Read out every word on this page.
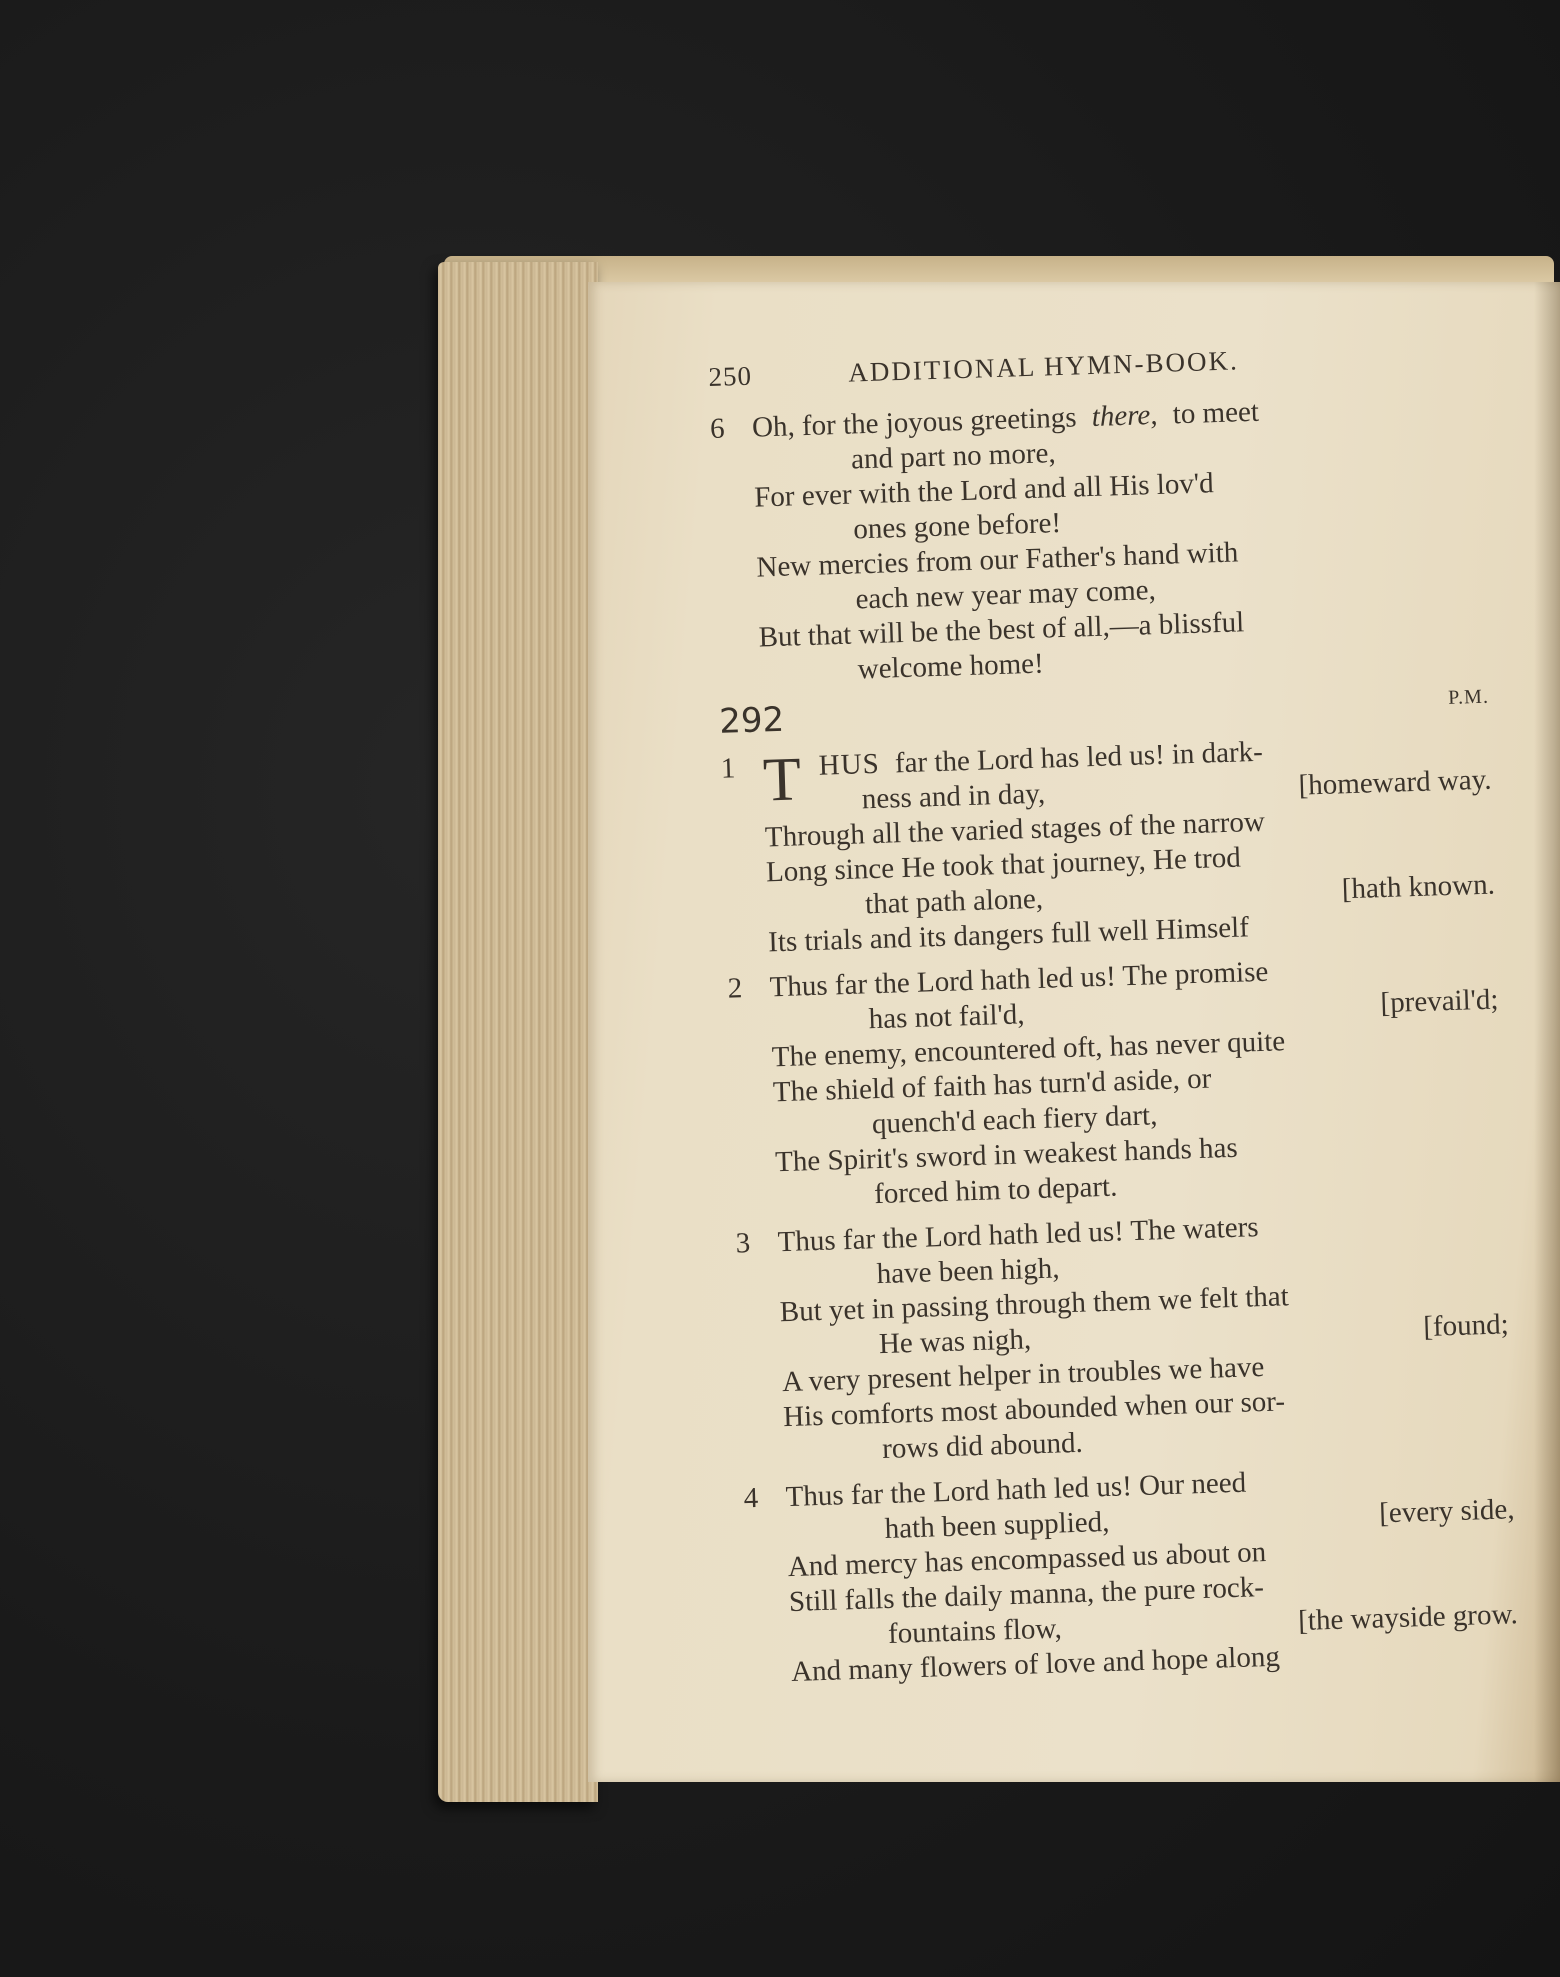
250	ADDITIONAL HYMN-BOOK.
6 Oh, for the joyous greetings there, to meet
and part no more,
For ever with the Lord and all His lov'd
ones gone before!
New mercies from our Father's hand with
each new year may come,
But that will be the best of all,—a blissful
welcome home!
292
P.M.
1 T HUS far the Lord has led us! in dark-
ness and in day,	[homeward way.
Through all the varied stages of the narrow
Long since He took that journey, He trod
that path alone,	[hath known.
Its trials and its dangers full well Himself
2 Thus far the Lord hath led us! The promise
has not fail'd,	[prevail'd;
The enemy, encountered oft, has never quite
The shield of faith has turn'd aside, or
quench'd each fiery dart,
The Spirit's sword in weakest hands has
forced him to depart.
3 Thus far the Lord hath led us! The waters
have been high,
But yet in passing through them we felt that
He was nigh,	[found;
A very present helper in troubles we have
His comforts most abounded when our sor-
rows did abound.
4 Thus far the Lord hath led us! Our need
hath been supplied,	[every side,
And mercy has encompassed us about on
Still falls the daily manna, the pure rock-
fountains flow,	[the wayside grow.
And many flowers of love and hope along
